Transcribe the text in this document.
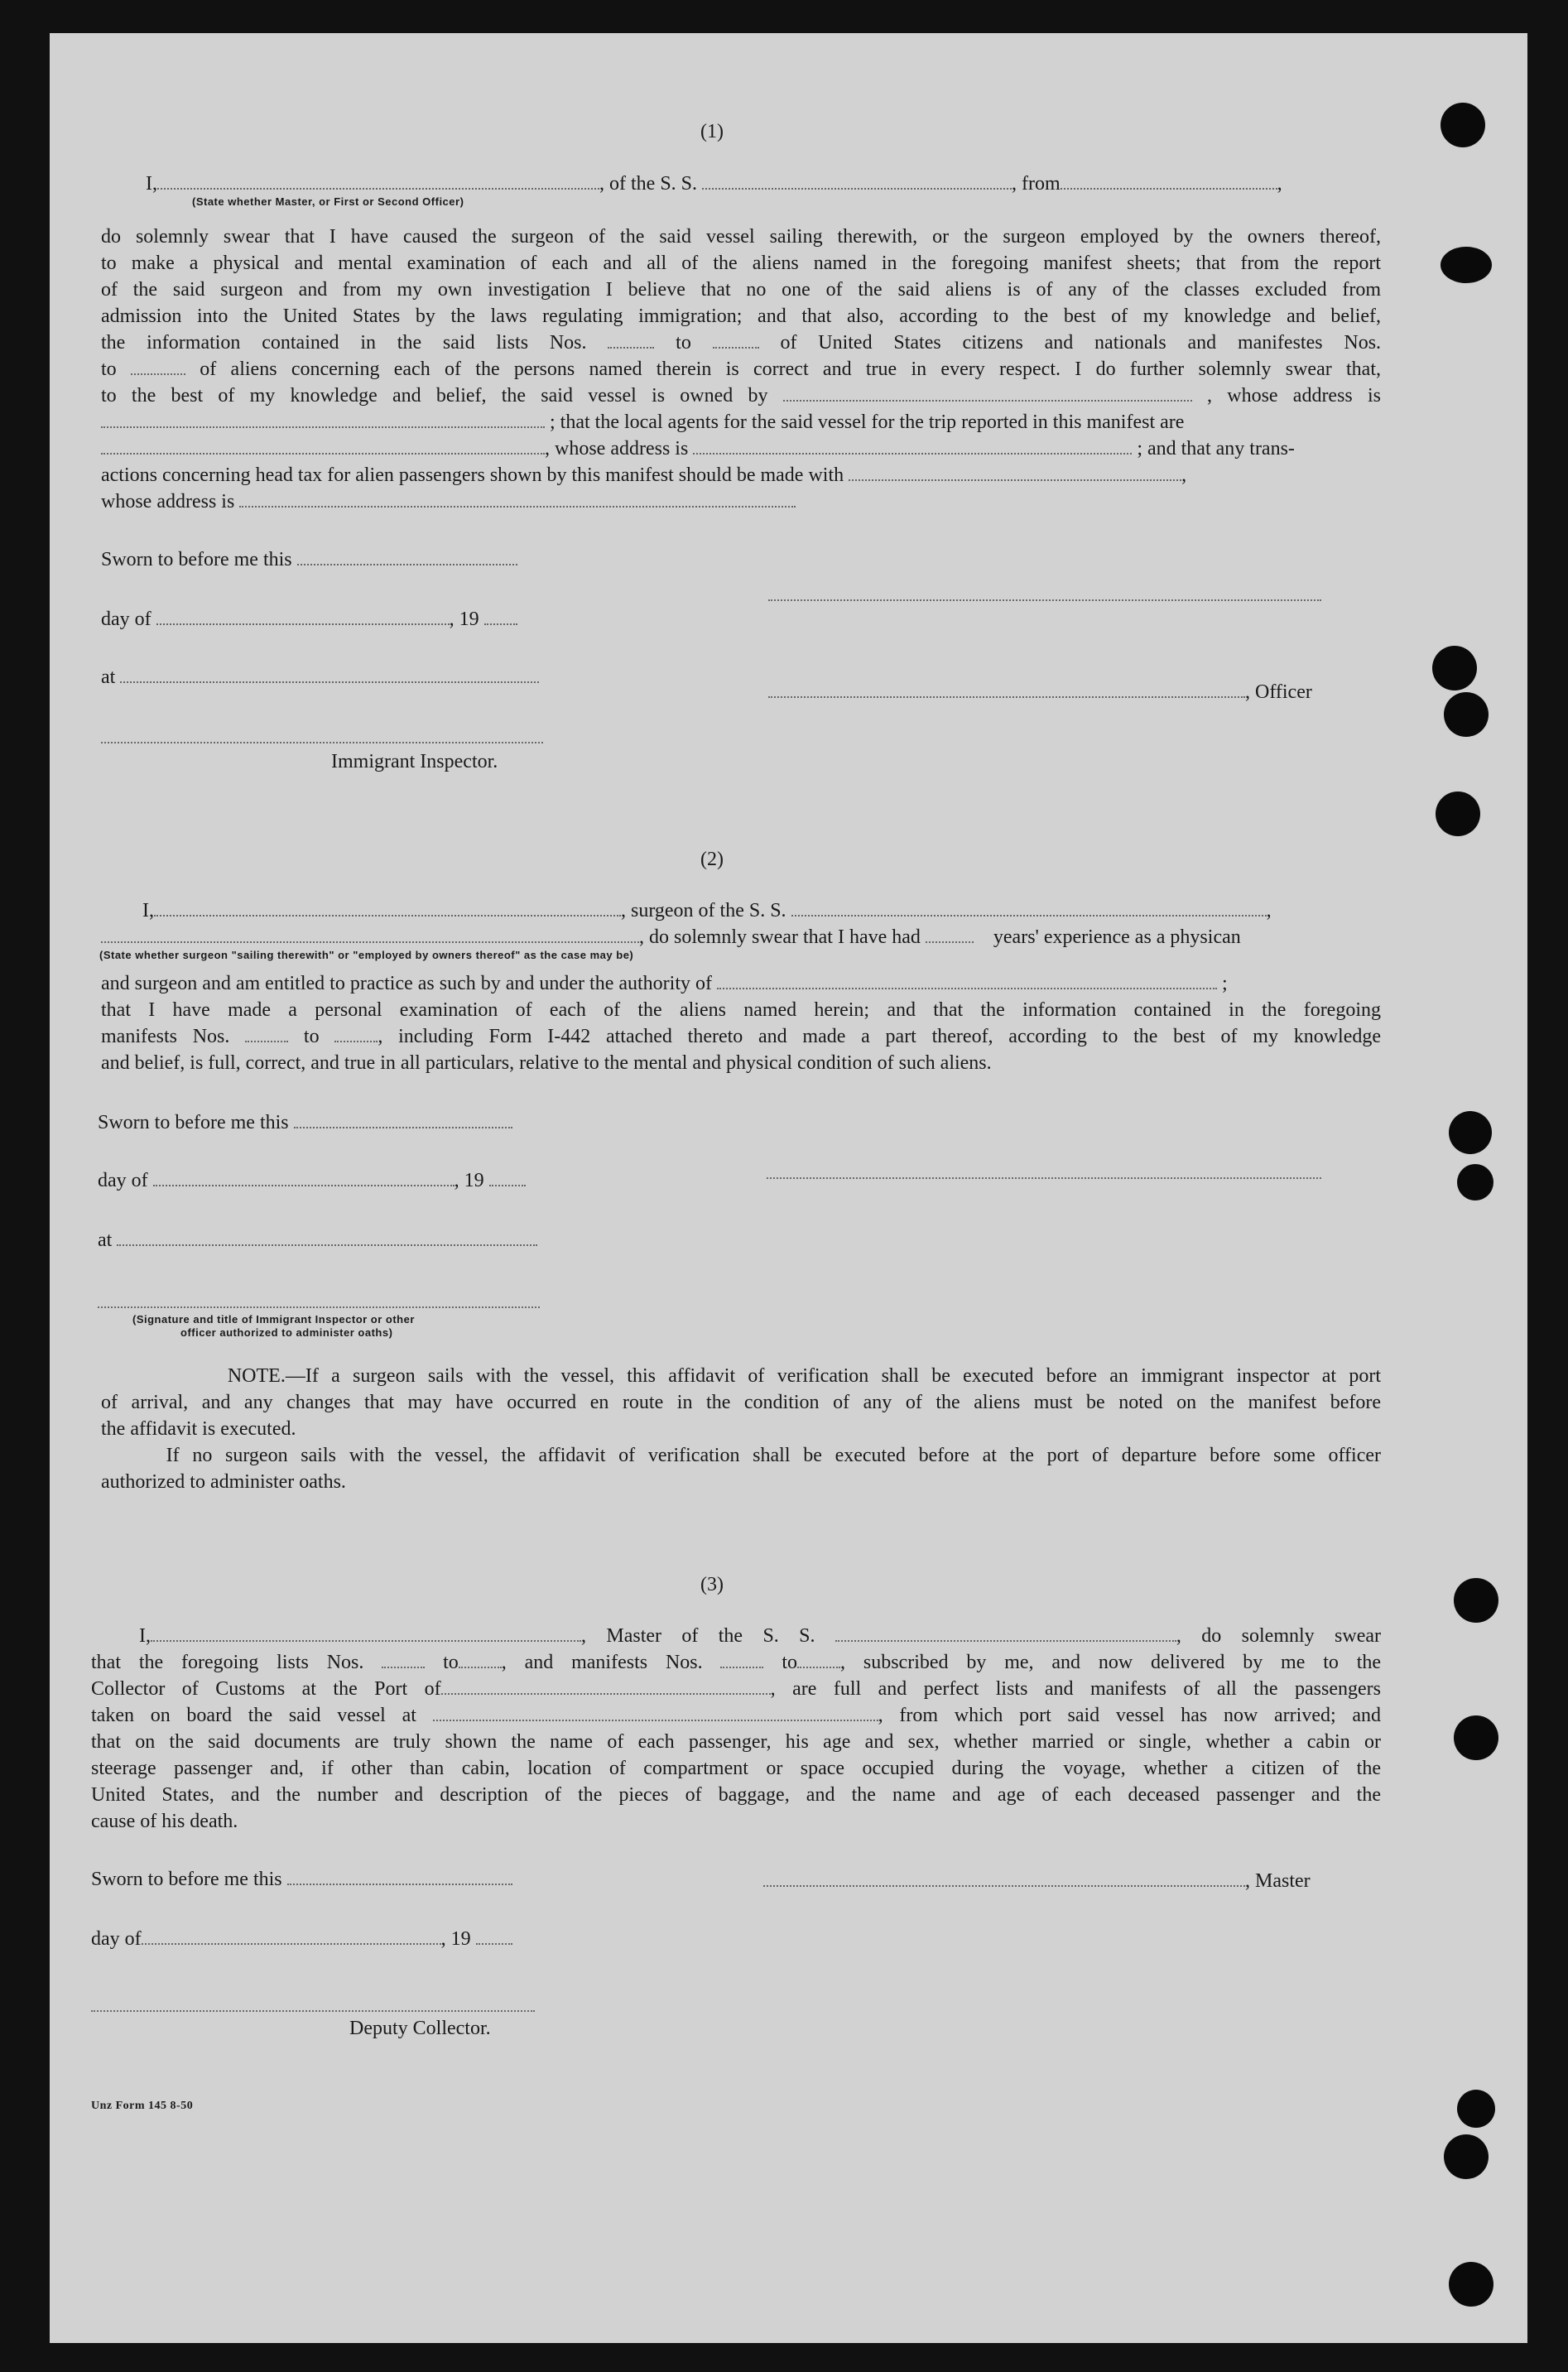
(1)
I,	, of the S. S.	, from	,
(State whether Master, or First or Second Officer)
do solemnly swear that I have caused the surgeon of the said vessel sailing therewith, or the surgeon employed by the owners thereof,
to make a physical and mental examination of each and all of the aliens named in the foregoing manifest sheets; that from the report
of the said surgeon and from my own investigation I believe that no one of the said aliens is of any of the classes excluded from
admission into the United States by the laws regulating immigration; and that also, according to the best of my knowledge and belief,
the information contained in the said lists Nos.	to	of United States citizens and nationals and manifestes Nos.
to	of aliens concerning each of the persons named therein is correct and true in every respect. I do further solemnly swear that,
to the best of my knowledge and belief, the said vessel is owned by	, whose address is
; that the local agents for the said vessel for the trip reported in this manifest are
, whose address is	; and that any trans-
actions concerning head tax for alien passengers shown by this manifest should be made with	,
whose address is
Sworn to before me this
day of	, 19
at
, Officer
Immigrant Inspector.
(2)
I,	, surgeon of the S. S.	,
, do solemnly swear that I have had	years' experience as a physican
(State whether surgeon "sailing therewith" or "employed by owners thereof" as the case may be)
and surgeon and am entitled to practice as such by and under the authority of	;
that I have made a personal examination of each of the aliens named herein; and that the information contained in the foregoing
manifests Nos.	to	, including Form I-442 attached thereto and made a part thereof, according to the best of my knowledge
and belief, is full, correct, and true in all particulars, relative to the mental and physical condition of such aliens.
Sworn to before me this
day of	, 19
at
(Signature and title of Immigrant Inspector or other
officer authorized to administer oaths)
NOTE.—If a surgeon sails with the vessel, this affidavit of verification shall be executed before an immigrant inspector at port
of arrival, and any changes that may have occurred en route in the condition of any of the aliens must be noted on the manifest before
the affidavit is executed.
If no surgeon sails with the vessel, the affidavit of verification shall be executed before at the port of departure before some officer
authorized to administer oaths.
(3)
I,	, Master of the S. S.	, do solemnly swear
that the foregoing lists Nos.	to , and manifests Nos.	to , subscribed by me, and now delivered by me to the
Collector of Customs at the Port of	, are full and perfect lists and manifests of all the passengers
taken on board the said vessel at	, from which port said vessel has now arrived; and
that on the said documents are truly shown the name of each passenger, his age and sex, whether married or single, whether a cabin or
steerage passenger and, if other than cabin, location of compartment or space occupied during the voyage, whether a citizen of the
United States, and the number and description of the pieces of baggage, and the name and age of each deceased passenger and the
cause of his death.
Sworn to before me this	, Master
day of	, 19
Deputy Collector.
Unz Form 145 8-50
